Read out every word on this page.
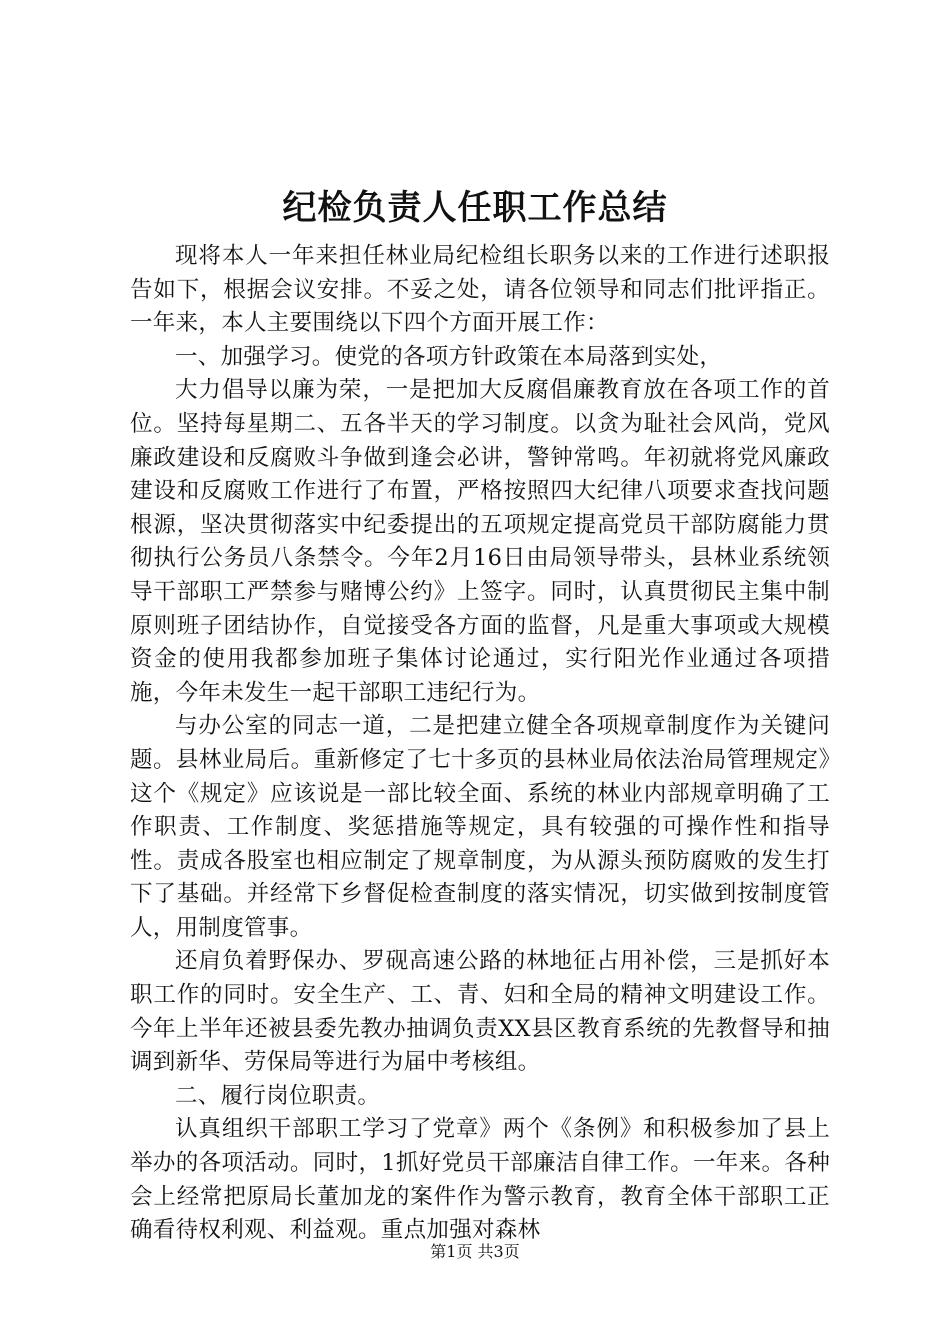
纪检负责人任职工作总结

现将本人一年来担任林业局纪检组长职务以来的工作进行述职报告如下，根据会议安排。不妥之处，请各位领导和同志们批评指正。一年来，本人主要围绕以下四个方面开展工作：

一、加强学习。使党的各项方针政策在本局落到实处，

大力倡导以廉为荣，一是把加大反腐倡廉教育放在各项工作的首位。坚持每星期二、五各半天的学习制度。以贪为耻社会风尚，党风廉政建设和反腐败斗争做到逢会必讲，警钟常鸣。年初就将党风廉政建设和反腐败工作进行了布置，严格按照四大纪律八项要求查找问题根源，坚决贯彻落实中纪委提出的五项规定提高党员干部防腐能力贯彻执行公务员八条禁令。今年2月16日由局领导带头，县林业系统领导干部职工严禁参与赌博公约》上签字。同时，认真贯彻民主集中制原则班子团结协作，自觉接受各方面的监督，凡是重大事项或大规模资金的使用我都参加班子集体讨论通过，实行阳光作业通过各项措施，今年未发生一起干部职工违纪行为。

与办公室的同志一道，二是把建立健全各项规章制度作为关键问题。县林业局后。重新修定了七十多页的县林业局依法治局管理规定》这个《规定》应该说是一部比较全面、系统的林业内部规章明确了工作职责、工作制度、奖惩措施等规定，具有较强的可操作性和指导性。责成各股室也相应制定了规章制度，为从源头预防腐败的发生打下了基础。并经常下乡督促检查制度的落实情况，切实做到按制度管人，用制度管事。

还肩负着野保办、罗砚高速公路的林地征占用补偿，三是抓好本职工作的同时。安全生产、工、青、妇和全局的精神文明建设工作。今年上半年还被县委先教办抽调负责XX县区教育系统的先教督导和抽调到新华、劳保局等进行为届中考核组。

二、履行岗位职责。

认真组织干部职工学习了党章》两个《条例》和积极参加了县上举办的各项活动。同时，1抓好党员干部廉洁自律工作。一年来。各种会上经常把原局长董加龙的案件作为警示教育，教育全体干部职工正确看待权利观、利益观。重点加强对森林

第1页 共3页
